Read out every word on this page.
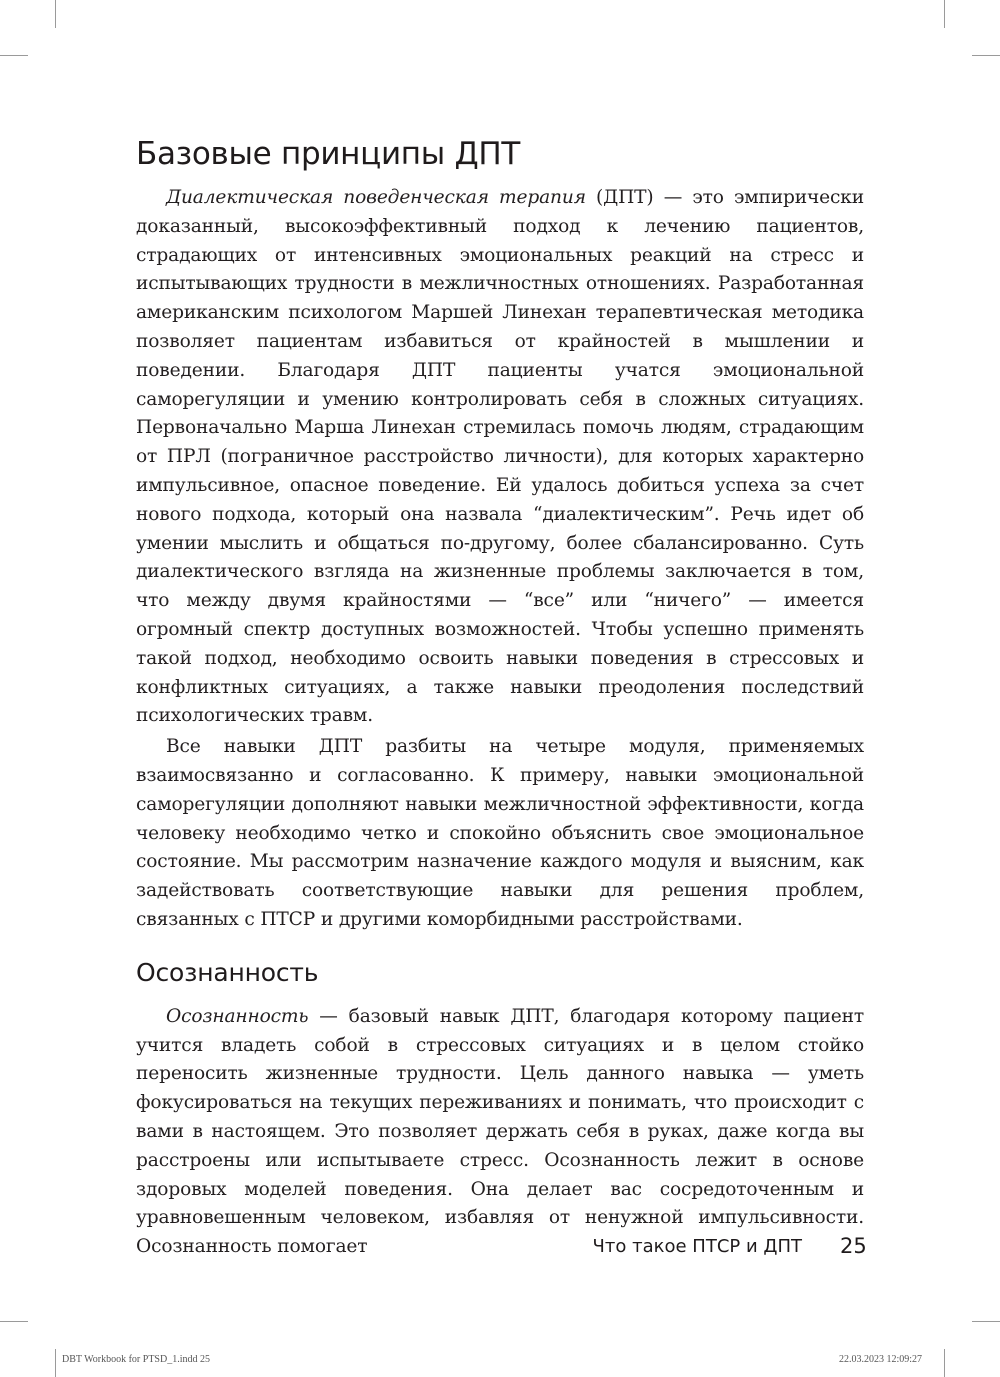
Базовые принципы ДПТ

Диалектическая поведенческая терапия (ДПТ) — это эмпирически доказанный, высокоэффективный подход к лечению пациентов, страдающих от интенсивных эмоциональных реакций на стресс и испытывающих трудности в межличностных отношениях. Разработанная американским психологом Маршей Линехан терапевтическая методика позволяет пациентам избавиться от крайностей в мышлении и поведении. Благодаря ДПТ пациенты учатся эмоциональной саморегуляции и умению контролировать себя в сложных ситуациях. Первоначально Марша Линехан стремилась помочь людям, страдающим от ПРЛ (пограничное расстройство личности), для которых характерно импульсивное, опасное поведение. Ей удалось добиться успеха за счет нового подхода, который она назвала “диалектическим”. Речь идет об умении мыслить и общаться по-другому, более сбалансированно. Суть диалектического взгляда на жизненные проблемы заключается в том, что между двумя крайностями — “все” или “ничего” — имеется огромный спектр доступных возможностей. Чтобы успешно применять такой подход, необходимо освоить навыки поведения в стрессовых и конфликтных ситуациях, а также навыки преодоления последствий психологических травм.

Все навыки ДПТ разбиты на четыре модуля, применяемых взаимосвязанно и согласованно. К примеру, навыки эмоциональной саморегуляции дополняют навыки межличностной эффективности, когда человеку необходимо четко и спокойно объяснить свое эмоциональное состояние. Мы рассмотрим назначение каждого модуля и выясним, как задействовать соответствующие навыки для решения проблем, связанных с ПТСР и другими коморбидными расстройствами.

Осознанность

Осознанность — базовый навык ДПТ, благодаря которому пациент учится владеть собой в стрессовых ситуациях и в целом стойко переносить жизненные трудности. Цель данного навыка — уметь фокусироваться на текущих переживаниях и понимать, что происходит с вами в настоящем. Это позволяет держать себя в руках, даже когда вы расстроены или испытываете стресс. Осознанность лежит в основе здоровых моделей поведения. Она делает вас сосредоточенным и уравновешенным человеком, избавляя от ненужной импульсивности. Осознанность помогает	Что такое ПТСР и ДПТ 25
DBT Workbook for PTSD_1.indd 25	22.03.2023 12:09:27
